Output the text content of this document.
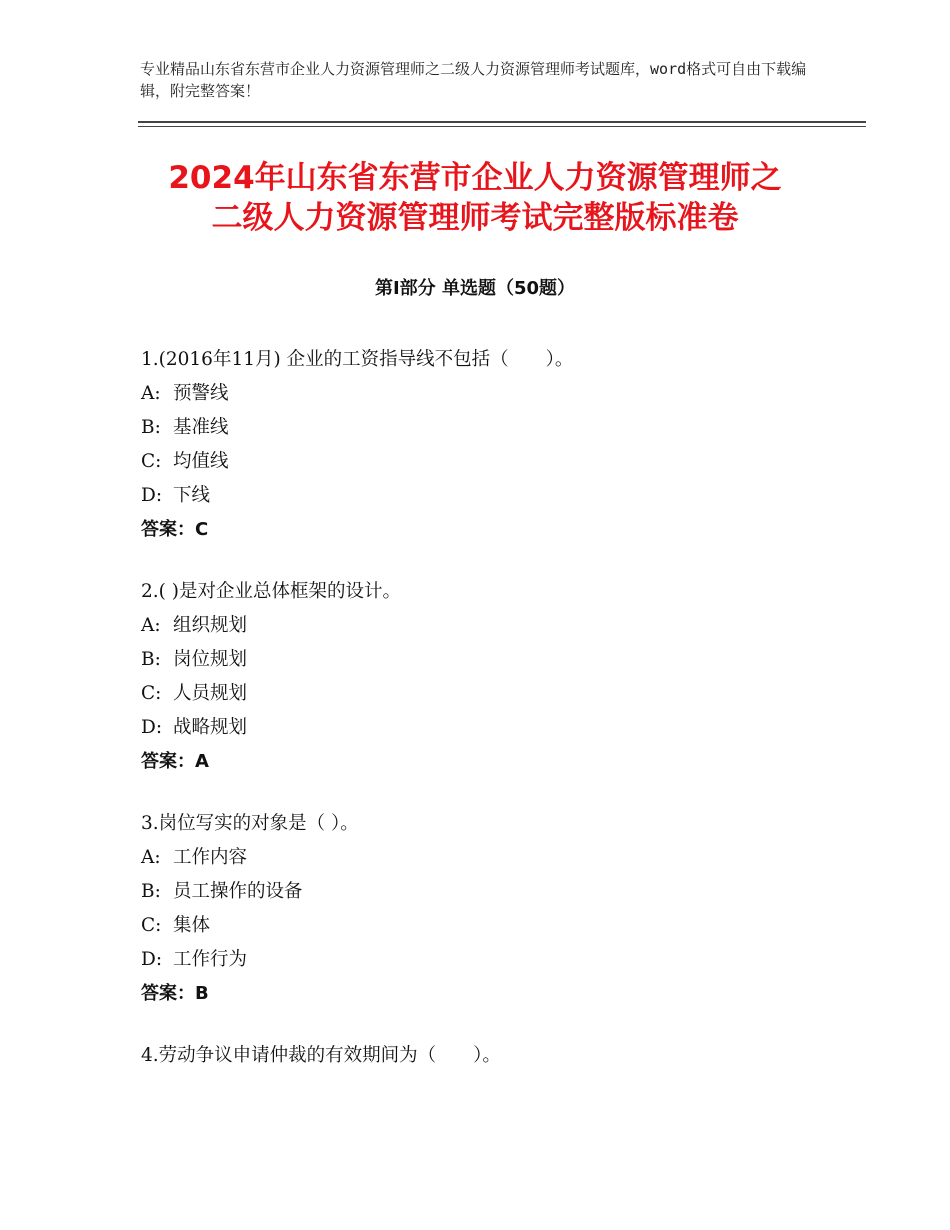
专业精品山东省东营市企业人力资源管理师之二级人力资源管理师考试题库，word格式可自由下载编辑，附完整答案！
2024年山东省东营市企业人力资源管理师之
二级人力资源管理师考试完整版标准卷
第Ⅰ部分 单选题（50题）
1.(2016年11月) 企业的工资指导线不包括（　　）。
A: 预警线
B: 基准线
C: 均值线
D: 下线
答案：C
2.( )是对企业总体框架的设计。
A: 组织规划
B: 岗位规划
C: 人员规划
D: 战略规划
答案：A
3.岗位写实的对象是（ ）。
A: 工作内容
B: 员工操作的设备
C: 集体
D: 工作行为
答案：B
4.劳动争议申请仲裁的有效期间为（　　）。
